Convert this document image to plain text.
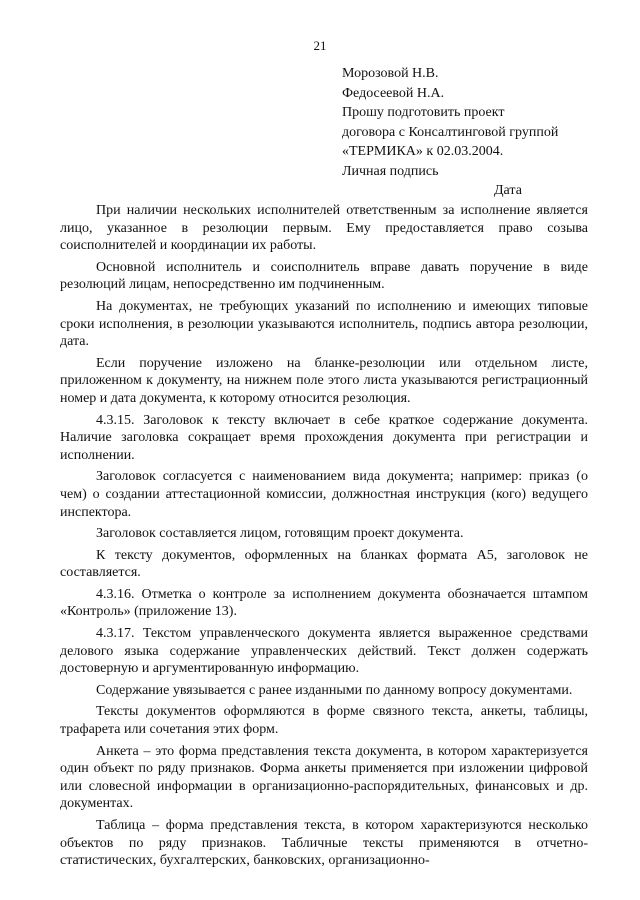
21
Морозовой Н.В.
Федосеевой Н.А.
Прошу подготовить проект
договора с Консалтинговой группой
«ТЕРМИКА» к 02.03.2004.
Личная подпись
Дата

При наличии нескольких исполнителей ответственным за исполнение является лицо, указанное в резолюции первым. Ему предоставляется право созыва соисполнителей и координации их работы.

Основной исполнитель и соисполнитель вправе давать поручение в виде резолюций лицам, непосредственно им подчиненным.

На документах, не требующих указаний по исполнению и имеющих типовые сроки исполнения, в резолюции указываются исполнитель, подпись автора резолюции, дата.

Если поручение изложено на бланке-резолюции или отдельном листе, приложенном к документу, на нижнем поле этого листа указываются регистрационный номер и дата документа, к которому относится резолюция.

4.3.15. Заголовок к тексту включает в себе краткое содержание документа. Наличие заголовка сокращает время прохождения документа при регистрации и исполнении.

Заголовок согласуется с наименованием вида документа; например: приказ (о чем) о создании аттестационной комиссии, должностная инструкция (кого) ведущего инспектора.

Заголовок составляется лицом, готовящим проект документа.

К тексту документов, оформленных на бланках формата А5, заголовок не составляется.

4.3.16. Отметка о контроле за исполнением документа обозначается штампом «Контроль» (приложение 13).

4.3.17. Текстом управленческого документа является выраженное средствами делового языка содержание управленческих действий. Текст должен содержать достоверную и аргументированную информацию.

Содержание увязывается с ранее изданными по данному вопросу документами.

Тексты документов оформляются в форме связного текста, анкеты, таблицы, трафарета или сочетания этих форм.

Анкета – это форма представления текста документа, в котором характеризуется один объект по ряду признаков. Форма анкеты применяется при изложении цифровой или словесной информации в организационно-распорядительных, финансовых и др. документах.

Таблица – форма представления текста, в котором характеризуются несколько объектов по ряду признаков. Табличные тексты применяются в отчетно-статистических, бухгалтерских, банковских, организационно-
